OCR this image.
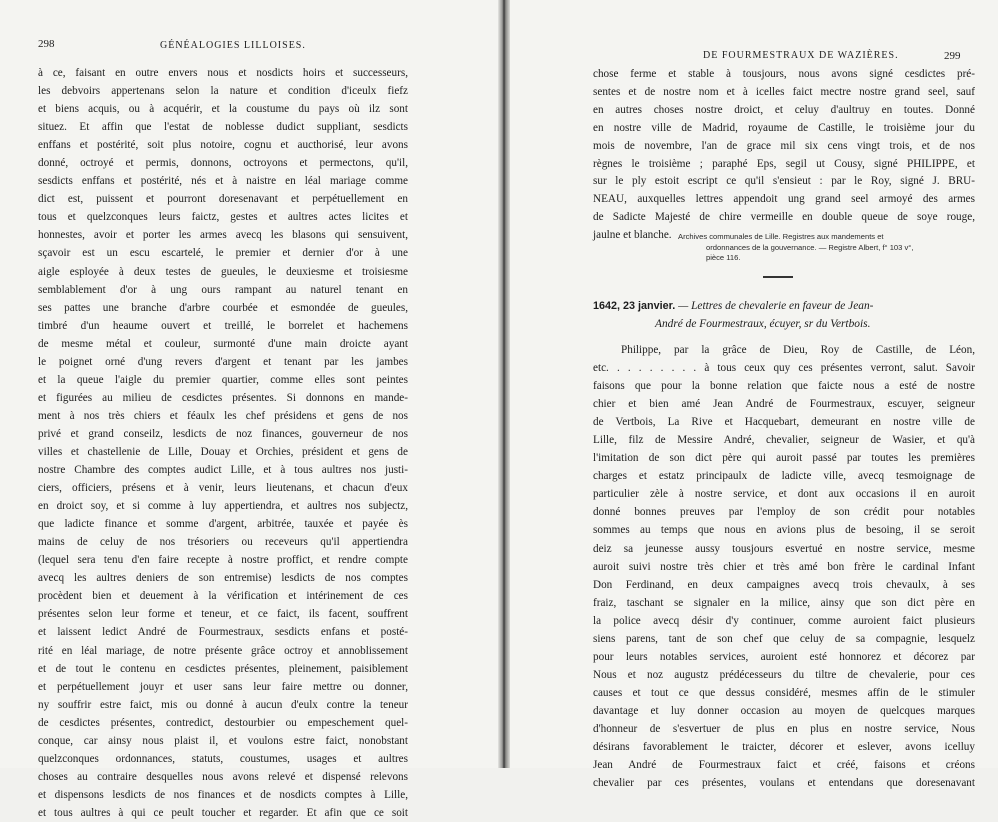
298	GÉNÉALOGIES LILLOISES.
à ce, faisant en outre envers nous et nosdicts hoirs et successeurs,
les debvoirs appertenans selon la nature et condition d'iceulx fiefz
et biens acquis, ou à acquérir, et la coustume du pays où ilz sont
situez. Et affin que l'estat de noblesse dudict suppliant, sesdicts
enffans et postérité, soit plus notoire, cognu et aucthorisé, leur avons
donné, octroyé et permis, donnons, octroyons et permectons, qu'il,
sesdicts enffans et postérité, nés et à naistre en léal mariage comme
dict est, puissent et pourront doresenavant et perpétuellement en
tous et quelzconques leurs faictz, gestes et aultres actes licites et
honnestes, avoir et porter les armes avecq les blasons qui sensuivent,
sçavoir est un escu escartelé, le premier et dernier d'or à une
aigle esployée à deux testes de gueules, le deuxiesme et troisiesme
semblablement d'or à ung ours rampant au naturel tenant en
ses pattes une branche d'arbre courbée et esmondée de gueules,
timbré d'un heaume ouvert et treillé, le borrelet et hachemens
de mesme métal et couleur, surmonté d'une main droicte ayant
le poignet orné d'ung revers d'argent et tenant par les jambes
et la queue l'aigle du premier quartier, comme elles sont peintes
et figurées au milieu de cesdictes présentes. Si donnons en mande-
ment à nos très chiers et féaulx les chef présidens et gens de nos
privé et grand conseilz, lesdicts de noz finances, gouverneur de nos
villes et chastellenie de Lille, Douay et Orchies, président et gens de
nostre Chambre des comptes audict Lille, et à tous aultres nos justi-
ciers, officiers, présens et à venir, leurs lieutenans, et chacun d'eux
en droict soy, et si comme à luy appertiendra, et aultres nos subjectz,
que ladicte finance et somme d'argent, arbitrée, tauxée et payée ès
mains de celuy de nos trésoriers ou receveurs qu'il appertiendra
(lequel sera tenu d'en faire recepte à nostre proffict, et rendre compte
avecq les aultres deniers de son entremise) lesdicts de nos comptes
procèdent bien et deuement à la vérification et intérinement de ces
présentes selon leur forme et teneur, et ce faict, ils facent, souffrent
et laissent ledict André de Fourmestraux, sesdicts enfans et posté-
rité en léal mariage, de notre présente grâce octroy et annoblissement
et de tout le contenu en cesdictes présentes, pleinement, paisiblement
et perpétuellement jouyr et user sans leur faire mettre ou donner,
ny souffrir estre faict, mis ou donné à aucun d'eulx contre la teneur
de cesdictes présentes, contredict, destourbier ou empeschement quel-
conque, car ainsy nous plaist il, et voulons estre faict, nonobstant
quelzconques ordonnances, statuts, coustumes, usages et aultres
choses au contraire desquelles nous avons relevé et dispensé relevons
et dispensons lesdicts de nos finances et de nosdicts comptes à Lille,
et tous aultres à qui ce peult toucher et regarder. Et afin que ce soit
DE FOURMESTRAUX DE WAZIÈRES.	299
chose ferme et stable à tousjours, nous avons signé cesdictes pré-
sentes et de nostre nom et à icelles faict mectre nostre grand seel, sauf
en autres choses nostre droict, et celuy d'aultruy en toutes. Donné
en nostre ville de Madrid, royaume de Castille, le troisième jour du
mois de novembre, l'an de grace mil six cens vingt trois, et de nos
règnes le troisième ; paraphé Eps, segil ut Cousy, signé PHILIPPE, et
sur le ply estoit escript ce qu'il s'ensieut : par le Roy, signé J. BRU-
NEAU, auxquelles lettres appendoit ung grand seel armoyé des armes
de Sadicte Majesté de chire vermeille en double queue de soye rouge,
jaulne et blanche. Archives communales de Lille. Registres aux mandements et
ordonnances de la gouvernance. — Registre Albert, f° 103 v°,
pièce 116.
1642, 23 janvier. — Lettres de chevalerie en faveur de Jean-
André de Fourmestraux, écuyer, sr du Vertbois.
Philippe, par la grâce de Dieu, Roy de Castille, de Léon,
etc. . . . . . . . . à tous ceux quy ces présentes verront, salut. Savoir
faisons que pour la bonne relation que faicte nous a esté de nostre
chier et bien amé Jean André de Fourmestraux, escuyer, seigneur
de Vertbois, La Rive et Hacquebart, demeurant en nostre ville de
Lille, filz de Messire André, chevalier, seigneur de Wasier, et qu'à
l'imitation de son dict père qui auroit passé par toutes les premières
charges et estatz principaulx de ladicte ville, avecq tesmoignage de
particulier zèle à nostre service, et dont aux occasions il en auroit
donné bonnes preuves par l'employ de son crédit pour notables
sommes au temps que nous en avions plus de besoing, il se seroit
deiz sa jeunesse aussy tousjours esvertué en nostre service, mesme
auroit suivi nostre très chier et très amé bon frère le cardinal Infant
Don Ferdinand, en deux campaignes avecq trois chevaulx, à ses
fraiz, taschant se signaler en la milice, ainsy que son dict père en
la police avecq désir d'y continuer, comme auroient faict plusieurs
siens parens, tant de son chef que celuy de sa compagnie, lesquelz
pour leurs notables services, auroient esté honnorez et décorez par
Nous et noz augustz prédécesseurs du tiltre de chevalerie, pour ces
causes et tout ce que dessus considéré, mesmes affin de le stimuler
davantage et luy donner occasion au moyen de quelcques marques
d'honneur de s'esvertuer de plus en plus en nostre service, Nous
désirans favorablement le traicter, décorer et eslever, avons icelluy
Jean André de Fourmestraux faict et créé, faisons et créons
chevalier par ces présentes, voulans et entendans que doresenavant
